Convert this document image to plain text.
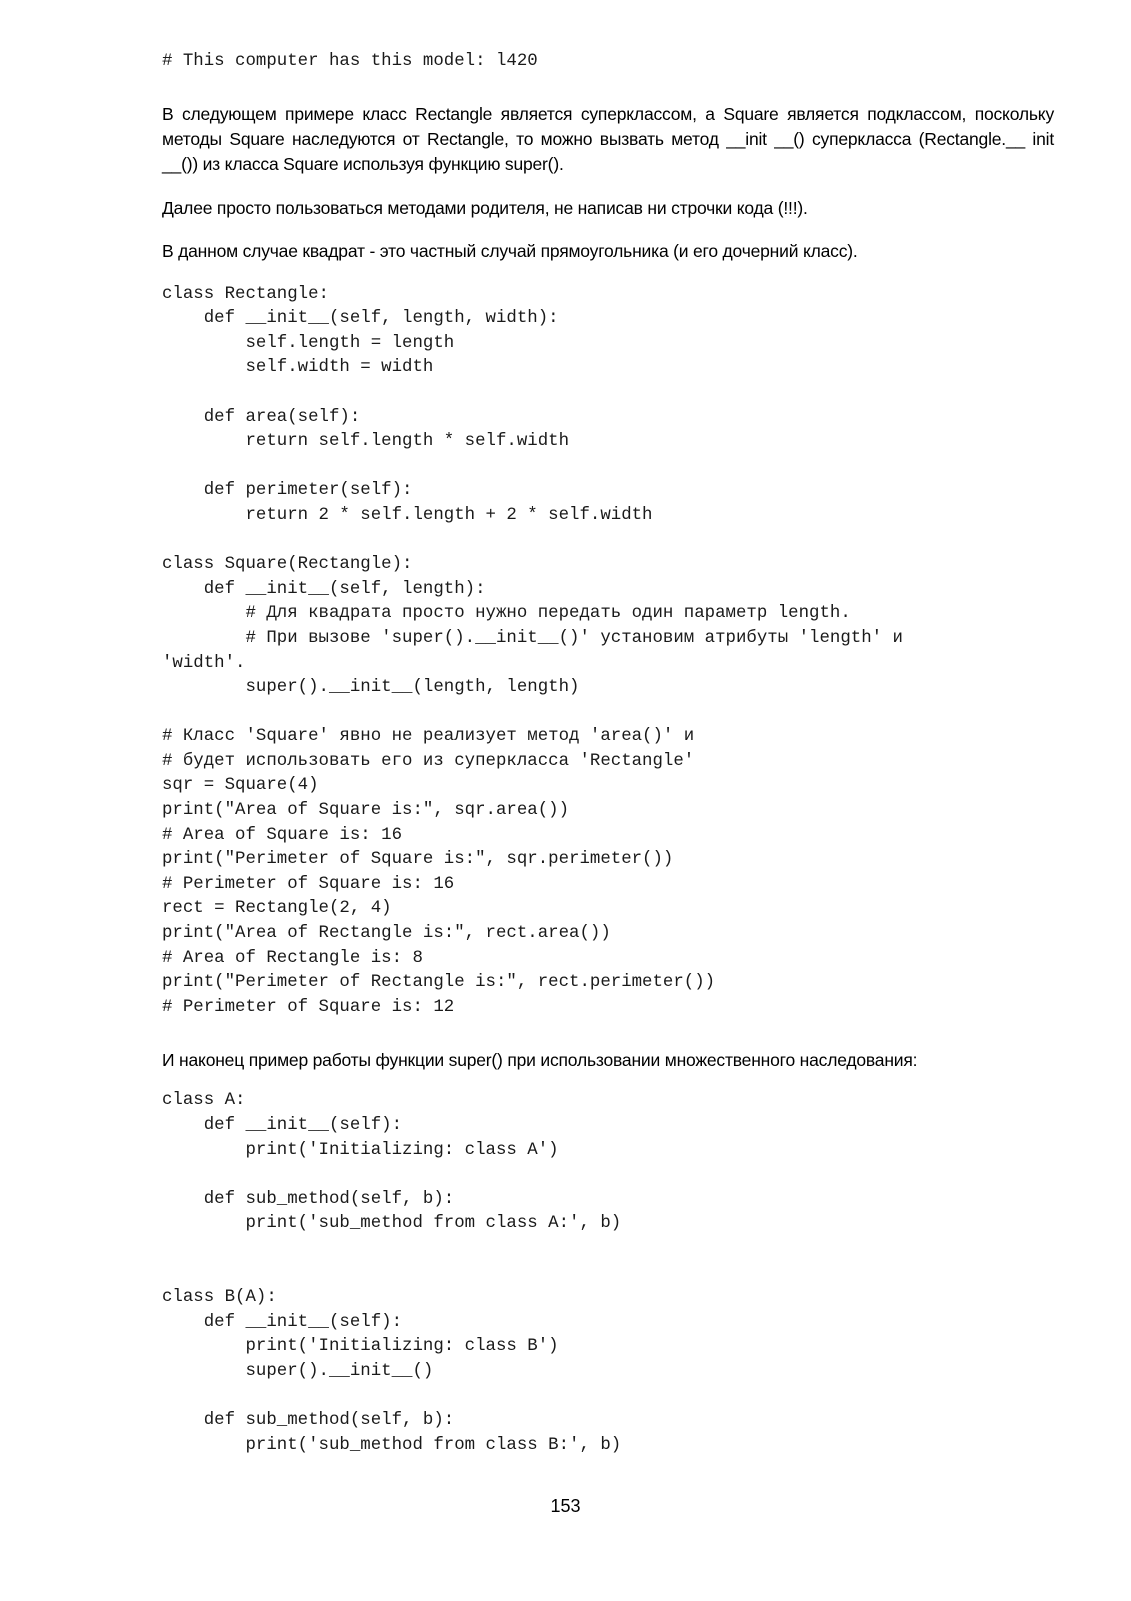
# This computer has this model: l420

В следующем примере класс Rectangle является суперклассом, а Square является подклассом, поскольку методы Square наследуются от Rectangle, то можно вызвать метод __init __() суперкласса (Rectangle.__ init __()) из класса Square используя функцию super().

Далее просто пользоваться методами родителя, не написав ни строчки кода (!!!).

В данном случае квадрат - это частный случай прямоугольника (и его дочерний класс).

class Rectangle:
def __init__(self, length, width):
self.length = length
self.width = width

def area(self):
return self.length * self.width

def perimeter(self):
return 2 * self.length + 2 * self.width

class Square(Rectangle):
def __init__(self, length):
# Для квадрата просто нужно передать один параметр length.
# При вызове 'super().__init__()' установим атрибуты 'length' и
'width'.
super().__init__(length, length)

# Класс 'Square' явно не реализует метод 'area()' и
# будет использовать его из суперкласса 'Rectangle'
sqr = Square(4)
print("Area of Square is:", sqr.area())
# Area of Square is: 16
print("Perimeter of Square is:", sqr.perimeter())
# Perimeter of Square is: 16
rect = Rectangle(2, 4)
print("Area of Rectangle is:", rect.area())
# Area of Rectangle is: 8
print("Perimeter of Rectangle is:", rect.perimeter())
# Perimeter of Square is: 12

И наконец пример работы функции super() при использовании множественного наследования:

class A:
def __init__(self):
print('Initializing: class A')

def sub_method(self, b):
print('sub_method from class A:', b)

class B(A):
def __init__(self):
print('Initializing: class B')
super().__init__()

def sub_method(self, b):
print('sub_method from class B:', b)
153
